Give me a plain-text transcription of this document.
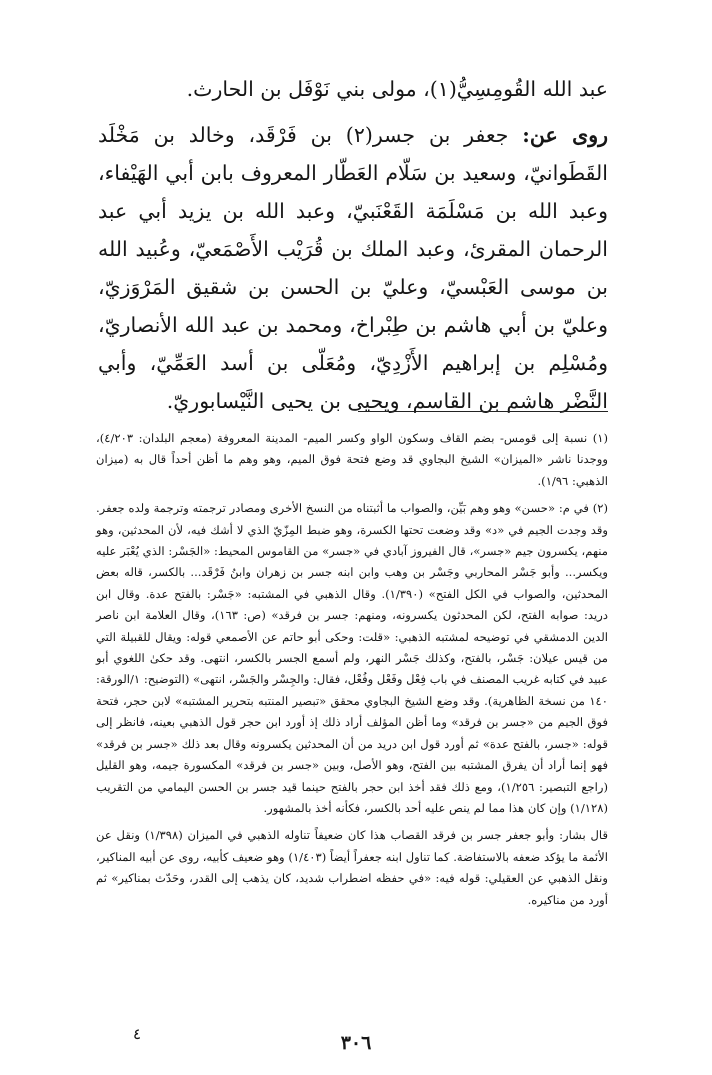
عبد الله القُومِسِيُّ(١)، مولى بني نَوْفَل بن الحارث.

روى عن: جعفر بن جسر(٢) بن فَرْقَد، وخالد بن مَخْلَد القَطَوانيّ، وسعيد بن سَلّام العَطّار المعروف بابن أبي الهَيْفاء، وعبد الله بن مَسْلَمَة القَعْنَبيّ، وعبد الله بن يزيد أبي عبد الرحمان المقرئ، وعبد الملك بن قُرَيْب الأَصْمَعيّ، وعُبيد الله بن موسى العَبْسيّ، وعليّ بن الحسن بن شقيق المَرْوَزيّ، وعليّ بن أبي هاشم بن طِبْراخ، ومحمد بن عبد الله الأنصاريّ، ومُسْلِم بن إبراهيم الأَزْدِيّ، ومُعَلّى بن أسد العَمِّيّ، وأبي النَّضْر هاشم بن القاسم، ويحيى بن يحيى النَّيْسابوريّ.

(١) نسبة إلى قومس- بضم القاف وسكون الواو وكسر الميم- المدينة المعروفة (معجم البلدان: ٤/٢٠٣)، ووجدنا ناشر «الميزان» الشيخ البجاوي قد وضع فتحة فوق الميم، وهو وهم ما أظن أحداً قال به (ميزان الذهبي: ١/٩٦).

(٢) في م: «حسن» وهو وهم بَيِّن، والصواب ما أثبتناه من النسخ الأخرى ومصادر ترجمته وترجمة ولده جعفر. وقد وجدت الجيم في «د» وقد وضعت تحتها الكسرة، وهو ضبط المِزّيّ الذي لا أشك فيه، لأن المحدثين، وهو منهم، يكسرون جيم «جسر»، قال الفيروز آبادي في «جسر» من القاموس المحيط: «الجَسْر: الذي يُعْبَر عليه ويكسر... وأبو جَسْر المحاربي وجَسْر بن وهب وابن ابنه جسر بن زهران وابنُ فَرْقَد... بالكسر، قاله بعض المحدثين، والصواب في الكل الفتح» (١/٣٩٠). وقال الذهبي في المشتبه: «جَسْر: بالفتح عدة. وقال ابن دريد: صوابه الفتح، لكن المحدثون يكسرونه، ومنهم: جسر بن فرقد» (ص: ١٦٣)، وقال العلامة ابن ناصر الدين الدمشقي في توضيحه لمشتبه الذهبي: «قلت: وحكى أبو حاتم عن الأصمعي قوله: ويقال للقبيلة التي من قيس عيلان: جَسْر، بالفتح، وكذلك جَسْر النهر، ولم أسمع الجسر بالكسر، انتهى. وقد حكىٰ اللغوي أبو عبيد في كتابه غريب المصنف في باب فِعْل وفَعْل وفُعْل، فقال: والجِسْر والجَسْر، انتهى» (التوضيح: ١/الورقة: ١٤٠ من نسخة الظاهرية). وقد وضع الشيخ البجاوي محقق «تبصير المنتبه بتحرير المشتبه» لابن حجر، فتحة فوق الجيم من «جسر بن فرقد» وما أظن المؤلف أراد ذلك إذ أورد ابن حجر قول الذهبي بعينه، فانظر إلى قوله: «جسر، بالفتح عدة» ثم أورد قول ابن دريد من أن المحدثين يكسرونه وقال بعد ذلك «جسر بن فرقد» فهو إنما أراد أن يفرق المشتبه بين الفتح، وهو الأصل، وبين «جسر بن فرقد» المكسورة جيمه، وهو القليل (راجع التبصير: ١/٢٥٦)، ومع ذلك فقد أخذ ابن حجر بالفتح حينما قيد جسر بن الحسن اليمامي من التقريب (١/١٢٨) وإن كان هذا مما لم ينص عليه أحد بالكسر، فكأنه أخذ بالمشهور.

قال بشار: وأبو جعفر جسر بن فرقد القصاب هذا كان ضعيفاً تناوله الذهبي في الميزان (١/٣٩٨) ونقل عن الأئمة ما يؤكد ضعفه بالاستفاضة. كما تناول ابنه جعفراً أيضاً (١/٤٠٣) وهو ضعيف كأبيه، روى عن أبيه المناكير، ونقل الذهبي عن العقيلي: قوله فيه: «في حفظه اضطراب شديد، كان يذهب إلى القدر، وحَدّث بمناكير» ثم أورد من مناكيره.

٤	٣٠٦
